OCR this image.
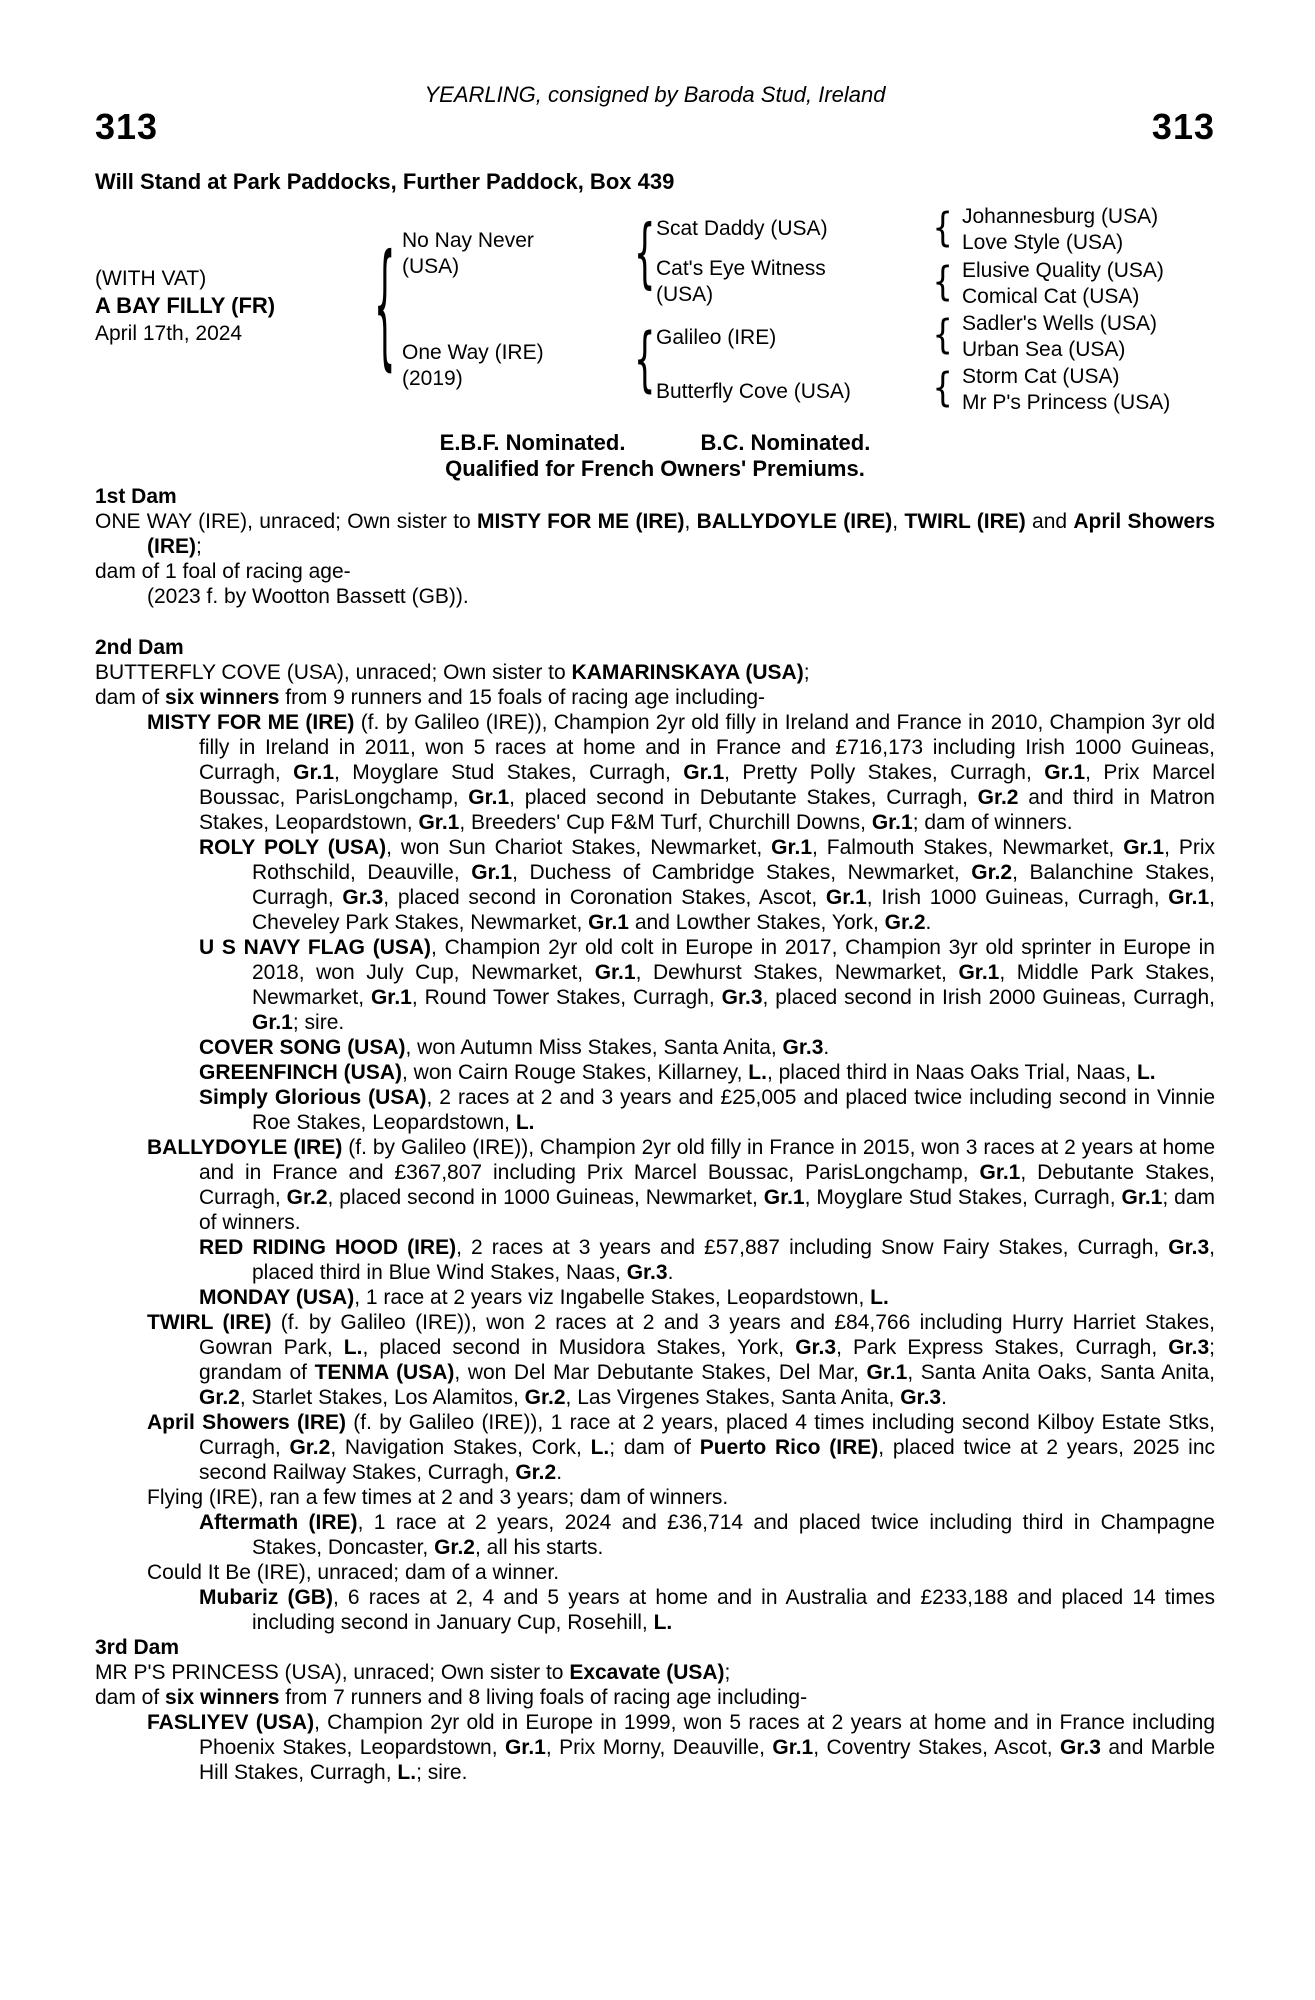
YEARLING, consigned by Baroda Stud, Ireland
313	313
Will Stand at Park Paddocks, Further Paddock, Box 439
(WITH VAT)
A BAY FILLY (FR)
April 17th, 2024
{
No Nay Never
(USA)
One Way (IRE)
(2019)
{
{
Scat Daddy (USA)
Cat's Eye Witness (USA)
Galileo (IRE)
Butterfly Cove (USA)
{
{
{
{
Johannesburg (USA)
Love Style (USA)
Elusive Quality (USA)
Comical Cat (USA)
Sadler's Wells (USA)
Urban Sea (USA)
Storm Cat (USA)
Mr P's Princess (USA)
E.B.F. Nominated.	B.C. Nominated.
Qualified for French Owners' Premiums.
1st Dam

ONE WAY (IRE), unraced; Own sister to MISTY FOR ME (IRE), BALLYDOYLE (IRE), TWIRL (IRE) and April Showers (IRE);

dam of 1 foal of racing age-

(2023 f. by Wootton Bassett (GB)).

2nd Dam

BUTTERFLY COVE (USA), unraced; Own sister to KAMARINSKAYA (USA);

dam of six winners from 9 runners and 15 foals of racing age including-

MISTY FOR ME (IRE) (f. by Galileo (IRE)), Champion 2yr old filly in Ireland and France in 2010, Champion 3yr old filly in Ireland in 2011, won 5 races at home and in France and £716,173 including Irish 1000 Guineas, Curragh, Gr.1, Moyglare Stud Stakes, Curragh, Gr.1, Pretty Polly Stakes, Curragh, Gr.1, Prix Marcel Boussac, ParisLongchamp, Gr.1, placed second in Debutante Stakes, Curragh, Gr.2 and third in Matron Stakes, Leopardstown, Gr.1, Breeders' Cup F&M Turf, Churchill Downs, Gr.1; dam of winners.

ROLY POLY (USA), won Sun Chariot Stakes, Newmarket, Gr.1, Falmouth Stakes, Newmarket, Gr.1, Prix Rothschild, Deauville, Gr.1, Duchess of Cambridge Stakes, Newmarket, Gr.2, Balanchine Stakes, Curragh, Gr.3, placed second in Coronation Stakes, Ascot, Gr.1, Irish 1000 Guineas, Curragh, Gr.1, Cheveley Park Stakes, Newmarket, Gr.1 and Lowther Stakes, York, Gr.2.

U S NAVY FLAG (USA), Champion 2yr old colt in Europe in 2017, Champion 3yr old sprinter in Europe in 2018, won July Cup, Newmarket, Gr.1, Dewhurst Stakes, Newmarket, Gr.1, Middle Park Stakes, Newmarket, Gr.1, Round Tower Stakes, Curragh, Gr.3, placed second in Irish 2000 Guineas, Curragh, Gr.1; sire.

COVER SONG (USA), won Autumn Miss Stakes, Santa Anita, Gr.3.

GREENFINCH (USA), won Cairn Rouge Stakes, Killarney, L., placed third in Naas Oaks Trial, Naas, L.

Simply Glorious (USA), 2 races at 2 and 3 years and £25,005 and placed twice including second in Vinnie Roe Stakes, Leopardstown, L.

BALLYDOYLE (IRE) (f. by Galileo (IRE)), Champion 2yr old filly in France in 2015, won 3 races at 2 years at home and in France and £367,807 including Prix Marcel Boussac, ParisLongchamp, Gr.1, Debutante Stakes, Curragh, Gr.2, placed second in 1000 Guineas, Newmarket, Gr.1, Moyglare Stud Stakes, Curragh, Gr.1; dam of winners.

RED RIDING HOOD (IRE), 2 races at 3 years and £57,887 including Snow Fairy Stakes, Curragh, Gr.3, placed third in Blue Wind Stakes, Naas, Gr.3.

MONDAY (USA), 1 race at 2 years viz Ingabelle Stakes, Leopardstown, L.

TWIRL (IRE) (f. by Galileo (IRE)), won 2 races at 2 and 3 years and £84,766 including Hurry Harriet Stakes, Gowran Park, L., placed second in Musidora Stakes, York, Gr.3, Park Express Stakes, Curragh, Gr.3; grandam of TENMA (USA), won Del Mar Debutante Stakes, Del Mar, Gr.1, Santa Anita Oaks, Santa Anita, Gr.2, Starlet Stakes, Los Alamitos, Gr.2, Las Virgenes Stakes, Santa Anita, Gr.3.

April Showers (IRE) (f. by Galileo (IRE)), 1 race at 2 years, placed 4 times including second Kilboy Estate Stks, Curragh, Gr.2, Navigation Stakes, Cork, L.; dam of Puerto Rico (IRE), placed twice at 2 years, 2025 inc second Railway Stakes, Curragh, Gr.2.

Flying (IRE), ran a few times at 2 and 3 years; dam of winners.

Aftermath (IRE), 1 race at 2 years, 2024 and £36,714 and placed twice including third in Champagne Stakes, Doncaster, Gr.2, all his starts.

Could It Be (IRE), unraced; dam of a winner.

Mubariz (GB), 6 races at 2, 4 and 5 years at home and in Australia and £233,188 and placed 14 times including second in January Cup, Rosehill, L.

3rd Dam

MR P'S PRINCESS (USA), unraced; Own sister to Excavate (USA);

dam of six winners from 7 runners and 8 living foals of racing age including-

FASLIYEV (USA), Champion 2yr old in Europe in 1999, won 5 races at 2 years at home and in France including Phoenix Stakes, Leopardstown, Gr.1, Prix Morny, Deauville, Gr.1, Coventry Stakes, Ascot, Gr.3 and Marble Hill Stakes, Curragh, L.; sire.
